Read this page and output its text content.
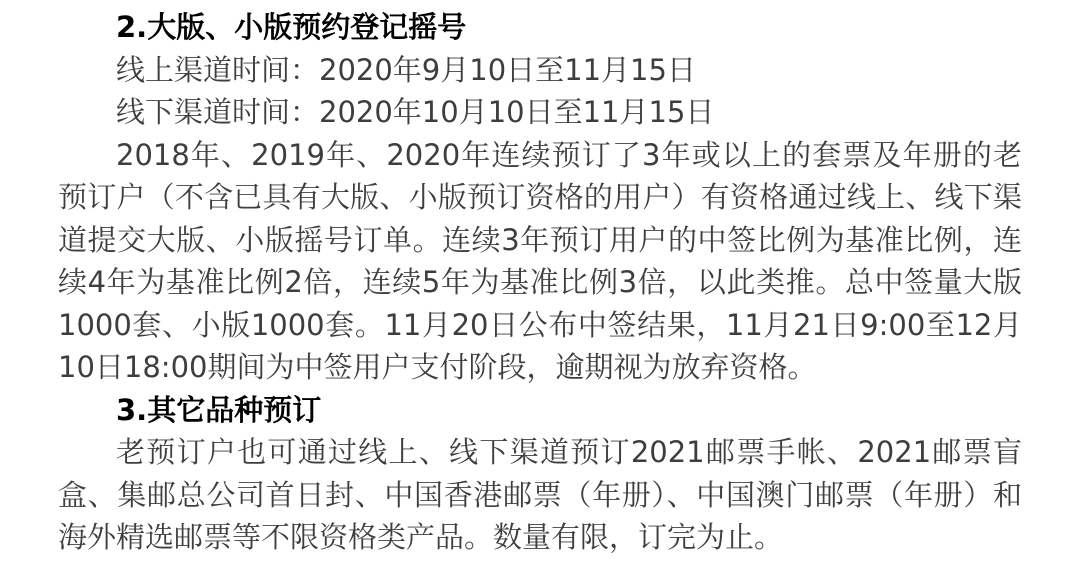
2.大版、小版预约登记摇号

线上渠道时间：2020年9月10日至11月15日

线下渠道时间：2020年10月10日至11月15日

2018年、2019年、2020年连续预订了3年或以上的套票及年册的老预订户（不含已具有大版、小版预订资格的用户）有资格通过线上、线下渠道提交大版、小版摇号订单。连续3年预订用户的中签比例为基准比例，连续4年为基准比例2倍，连续5年为基准比例3倍，以此类推。总中签量大版1000套、小版1000套。11月20日公布中签结果，11月21日9:00至12月10日18:00期间为中签用户支付阶段，逾期视为放弃资格。

3.其它品种预订

老预订户也可通过线上、线下渠道预订2021邮票手帐、2021邮票盲盒、集邮总公司首日封、中国香港邮票（年册）、中国澳门邮票（年册）和海外精选邮票等不限资格类产品。数量有限，订完为止。
